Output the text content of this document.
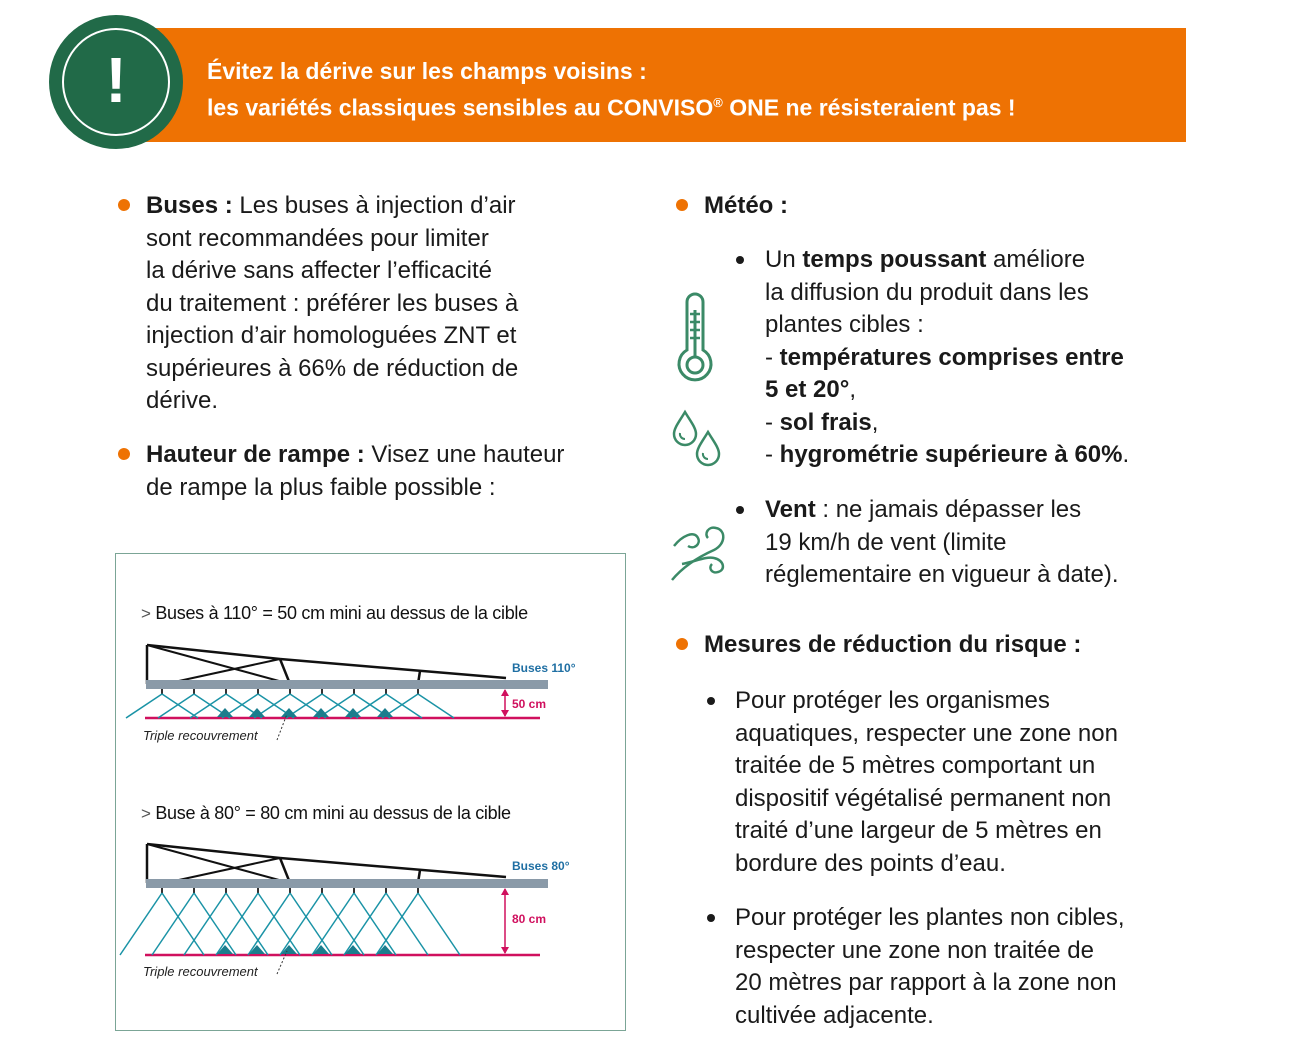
Évitez la dérive sur les champs voisins :
les variétés classiques sensibles au CONVISO® ONE ne résisteraient pas !
!
Buses : Les buses à injection d’air
sont recommandées pour limiter
la dérive sans affecter l’efficacité
du traitement : préférer les buses à
injection d’air homologuées ZNT et
supérieures à 66% de réduction de
dérive.
Hauteur de rampe : Visez une hauteur
de rampe la plus faible possible :
> Buses à 110° = 50 cm mini au dessus de la cible
> Buse à 80° = 80 cm mini au dessus de la cible
Buses 110°
50 cm
Triple recouvrement
Buses 80°
80 cm
Triple recouvrement
Météo :
Un temps poussant améliore
la diffusion du produit dans les
plantes cibles :
- températures comprises entre
5 et 20°,
- sol frais,
- hygrométrie supérieure à 60%.
Vent : ne jamais dépasser les
19 km/h de vent (limite
réglementaire en vigueur à date).
Mesures de réduction du risque :
Pour protéger les organismes
aquatiques, respecter une zone non
traitée de 5 mètres comportant un
dispositif végétalisé permanent non
traité d’une largeur de 5 mètres en
bordure des points d’eau.
Pour protéger les plantes non cibles,
respecter une zone non traitée de
20 mètres par rapport à la zone non
cultivée adjacente.
